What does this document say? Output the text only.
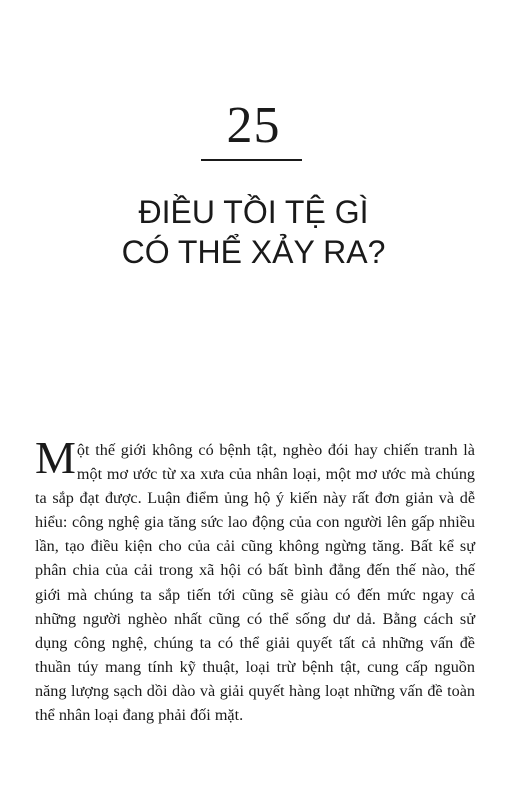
25
ĐIỀU TỒI TỆ GÌ
CÓ THỂ XẢY RA?

Một thế giới không có bệnh tật, nghèo đói hay chiến tranh là một mơ ước từ xa xưa của nhân loại, một mơ ước mà chúng ta sắp đạt được. Luận điểm ủng hộ ý kiến này rất đơn giản và dễ hiểu: công nghệ gia tăng sức lao động của con người lên gấp nhiều lần, tạo điều kiện cho của cải cũng không ngừng tăng. Bất kể sự phân chia của cải trong xã hội có bất bình đẳng đến thế nào, thế giới mà chúng ta sắp tiến tới cũng sẽ giàu có đến mức ngay cả những người nghèo nhất cũng có thể sống dư dả. Bằng cách sử dụng công nghệ, chúng ta có thể giải quyết tất cả những vấn đề thuần túy mang tính kỹ thuật, loại trừ bệnh tật, cung cấp nguồn năng lượng sạch dồi dào và giải quyết hàng loạt những vấn đề toàn thể nhân loại đang phải đối mặt.
